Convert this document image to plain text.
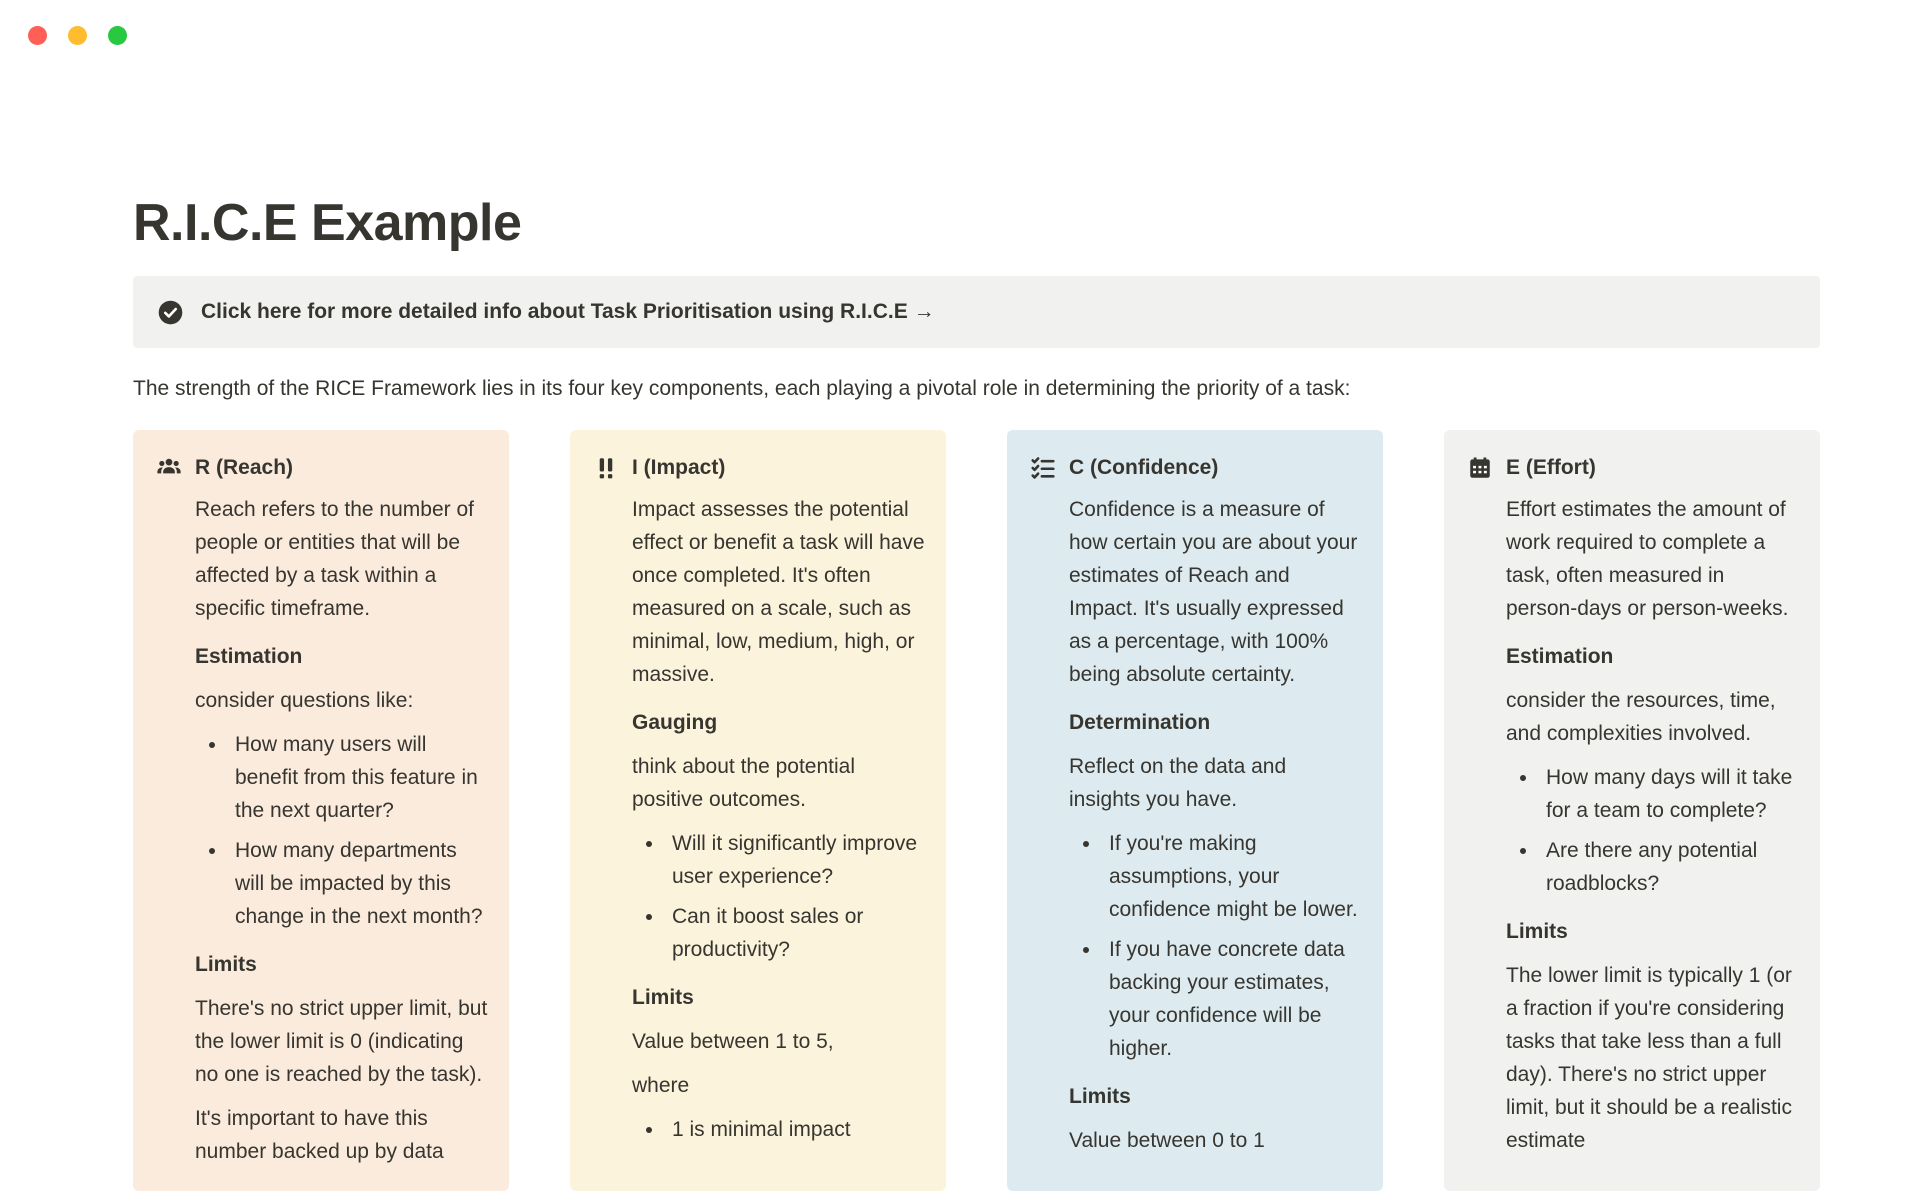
R.I.C.E Example
Click here for more detailed info about Task Prioritisation using R.I.C.E →

The strength of the RICE Framework lies in its four key components, each playing a pivotal role in determining the priority of a task:

R (Reach)

Reach refers to the number of people or entities that will be affected by a task within a specific timeframe.

Estimation

consider questions like:

• How many users will benefit from this feature in the next quarter?
• How many departments will be impacted by this change in the next month?

Limits

There's no strict upper limit, but the lower limit is 0 (indicating no one is reached by the task).

It's important to have this number backed up by data

I (Impact)

Impact assesses the potential effect or benefit a task will have once completed. It's often measured on a scale, such as minimal, low, medium, high, or massive.

Gauging

think about the potential positive outcomes.

• Will it significantly improve user experience?
• Can it boost sales or productivity?

Limits

Value between 1 to 5,

where

• 1 is minimal impact
C (Confidence)

Confidence is a measure of how certain you are about your estimates of Reach and Impact. It's usually expressed as a percentage, with 100% being absolute certainty.

Determination

Reflect on the data and insights you have.

• If you're making assumptions, your confidence might be lower.
• If you have concrete data backing your estimates, your confidence will be higher.

Limits

Value between 0 to 1

E (Effort)

Effort estimates the amount of work required to complete a task, often measured in person-days or person-weeks.

Estimation

consider the resources, time, and complexities involved.

• How many days will it take for a team to complete?
• Are there any potential roadblocks?

Limits

The lower limit is typically 1 (or a fraction if you're considering tasks that take less than a full day). There's no strict upper limit, but it should be a realistic estimate
